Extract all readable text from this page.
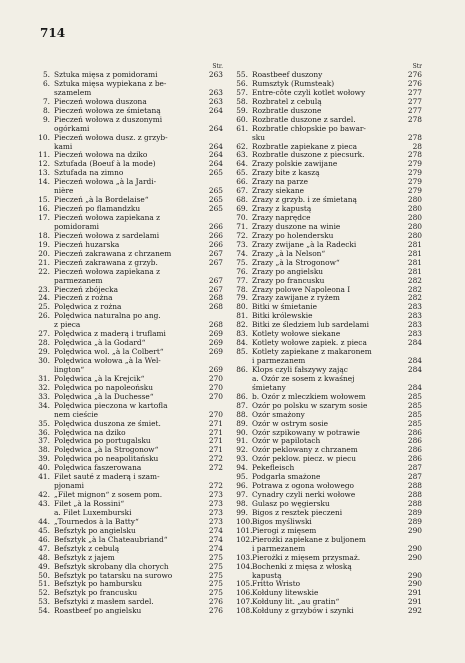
714
Str.
5. Sztuka mięsa z pomidorami	263
6. Sztuka mięsa wypiekana z be-
szamelem	263
7. Pieczeń wołowa duszona	263
8. Pieczeń wołowa ze śmietaną	264
9. Pieczeń wołowa z duszonymi
ogórkami	264
10. Pieczeń wołowa dusz. z grzyb-
kami	264
11. Pieczeń wołowa na dziko	264
12. Sztufada (Boeuf à la mode)	264
13. Sztufada na zimno	265
14. Pieczeń wołowa „à la Jardi-
nière	265
15. Pieczeń „à la Bordelaise“	265
16. Pieczeń po flamandzku	265
17. Pieczeń wołowa zapiekana z
pomidorami	266
18. Pieczeń wołowa z sardelami	266
19. Pieczeń huzarska	266
20. Pieczeń zakrawana z chrzanem	267
21. Pieczeń zakrawana z grzyb.	267
22. Pieczeń wołowa zapiekana z
parmezanem	267
23. Pieczeń zbójecka	267
24. Pieczeń z rożna	268
25. Polędwica z rożna	268
26. Polędwica naturalna po ang.
z pieca	268
27. Polędwica z maderą i truflami	269
28. Polędwica „à la Godard“	269
29. Polędwica wol. „à la Colbert“	269
30. Polędwica wołowa „à la Wel-
lington“	269
31. Polędwica „à la Krejcik“	270
32. Polędwica po napoleońsku	270
33. Polędwica „à la Duchesse“	270
34. Polędwica pieczona w kartofla
nem cieście	270
35. Polędwica duszona ze śmiet.	271
36. Polędwica na dziko	271
37. Polędwica po portugalsku	271
38. Polędwica „à la Strogonow“	271
39. Polędwica po neapolitańsku	272
40. Polędwica faszerowana	272
41. Filet sauté z maderą i szam-
pjonami	272
42. „Filet mignon“ z sosem pom.	273
43. Filet „à la Rossini“	273
a. Filet Luxemburski	273
44. „Tournedos à la Batty“	273
45. Befsztyk po angielsku	274
46. Befsztyk „à la Chateaubriand“	274
47. Befsztyk z cebulą	274
48. Befsztyk z jajem	275
49. Befsztyk skrobany dla chorych	275
50. Befsztyk po tatarsku na surowo	275
51. Befsztyk po hambursku	275
52. Befsztyk po francusku	275
53. Befsztyki z masłem sardel.	276
54. Roastbeef po angielsku	276
Str
55. Roastbeef duszony	276
56. Rumsztyk (Rumsteak)	276
57. Entre-côte czyli kotlet wołowy	277
58. Rozbratel z cebulą	277
59. Rozbratle duszone	277
60. Rozbratle duszone z sardel.	278
61. Rozbratle chłopskie po bawar-
sku	278
62. Rozbratle zapiekane z pieca	28
63. Rozbratle duszone z piecsurk.	278
64. Zrazy polskie zawijane	279
65. Zrazy bite z kaszą	279
66. Zrazy na parze	279
67. Zrazy siekane	279
68. Zrazy z grzyb. i ze śmietaną	280
69. Zrazy z kapustą	280
70. Zrazy naprędce	280
71. Zrazy duszone na winie	280
72. Zrazy po holendersku	280
73. Zrazy zwijane „à la Radecki	281
74. Zrazy „à la Nelson“	281
75. Zrazy „à la Strogonow“	281
76. Zrazy po angielsku	281
77. Zrazy po francusku	282
78. Zrazy polowe Napoleona I	282
79. Zrazy zawijane z ryżem	282
80. Bitki w śmietanie	283
81. Bitki królewskie	283
82. Bitki ze śledziem lub sardelami	283
83. Kotlety wołowe siekane	283
84. Kotlety wołowe zapiek. z pieca	284
85. Kotlety zapiekane z makaronem
i parmezanem	284
86. Klops czyli fałszywy zając	284
a. Ozór ze sosem z kwaśnej
śmietany	284
86. b. Ozór z mleczkiem wołowem	285
87. Ozór po polsku w szarym sosie	285
88. Ozór smażony	285
89. Ozór w ostrym sosie	285
90. Ozór szpikowany w potrawie	286
91. Ozór w papilotach	286
92. Ozór peklowany z chrzanem	286
93. Ozór peklow. piecz. w piecu	286
94. Pekefleisch	287
95. Podgarla smażone	287
96. Potrawa z ogona wołowego	288
97. Cynadry czyli nerki wołowe	288
98. Gulasz po węgiersku	288
99. Bigos z resztek pieczeni	289
100. Bigos myśliwski	289
101. Pierogi z mięsem	290
102. Pierożki zapiekane z buljonem
i parmezanem	290
103. Pierożki z mięsem przysmaż.	290
104. Bochenki z mięsa z włoską
kapustą	290
105. Fritto Wristo	290
106. Kołduny litewskie	291
107. Kołduny lit. „au gratin“	291
108. Kołduny z grzybów i szynki	292
